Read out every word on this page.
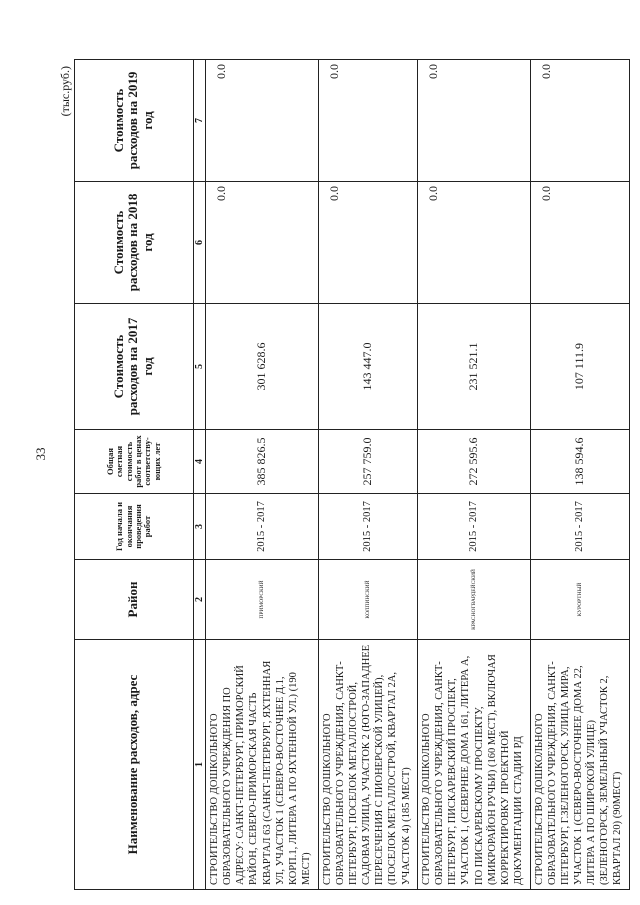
33
(тыс.руб.)
Наименование расходов, адрес	Район	Год начала и окончания проведения работ	Общая сметная стоимость работ в ценах соответству-ющих лет	Стоимость расходов на 2017 год	Стоимость расходов на 2018 год	Стоимость расходов на 2019 год
1	2	3	4	5	6	7
СТРОИТЕЛЬСТВО ДОШКОЛЬНОГО ОБРАЗОВАТЕЛЬНОГО УЧРЕЖДЕНИЯ ПО АДРЕСУ: САНКТ-ПЕТЕРБУРГ, ПРИМОРСКИЙ РАЙОН, СЕВЕРО-ПРИМОРСКАЯ ЧАСТЬ КВАРТАЛ 63 (САНКТ-ПЕТЕРБУРГ, ЯХТЕННАЯ УЛ, УЧАСТОК 1 (СЕВЕРО-ВОСТОЧНЕЕ Д.1, КОРП.1, ЛИТЕРА А ПО ЯХТЕННОЙ УЛ.) (190 МЕСТ)	ПРИМОРСКИЙ	2015 - 2017	385 826.5	301 628.6	0.0	0.0
СТРОИТЕЛЬСТВО ДОШКОЛЬНОГО ОБРАЗОВАТЕЛЬНОГО УЧРЕЖДЕНИЯ, САНКТ-ПЕТЕРБУРГ, ПОСЕЛОК МЕТАЛЛОСТРОЙ, САДОВАЯ УЛИЦА, УЧАСТОК 2 (ЮГО-ЗАПАДНЕЕ ПЕРЕСЕЧЕНИЯ С ПИОНЕРСКОЙ УЛИЦЕЙ), (ПОСЕЛОК МЕТАЛЛОСТРОЙ, КВАРТАЛ 2А, УЧАСТОК 4) (185 МЕСТ)	КОЛПИНСКИЙ	2015 - 2017	257 759.0	143 447.0	0.0	0.0
СТРОИТЕЛЬСТВО ДОШКОЛЬНОГО ОБРАЗОВАТЕЛЬНОГО УЧРЕЖДЕНИЯ, САНКТ-ПЕТЕРБУРГ, ПИСКАРЕВСКИЙ ПРОСПЕКТ, УЧАСТОК 1, (СЕВЕРНЕЕ ДОМА 161, ЛИТЕРА А, ПО ПИСКАРЕВСКОМУ ПРОСПЕКТУ, (МИКРОРАЙОН РУЧЬИ) (160 МЕСТ), ВКЛЮЧАЯ КОРРЕКТИРОВКУ ПРОЕКТНОЙ ДОКУМЕНТАЦИИ СТАДИИ РД	КРАСНОГВАРДЕЙСКИЙ	2015 - 2017	272 595.6	231 521.1	0.0	0.0
СТРОИТЕЛЬСТВО ДОШКОЛЬНОГО ОБРАЗОВАТЕЛЬНОГО УЧРЕЖДЕНИЯ, САНКТ-ПЕТЕРБУРГ, Г.ЗЕЛЕНОГОРСК, УЛИЦА МИРА, УЧАСТОК 1 (СЕВЕРО-ВОСТОЧНЕЕ ДОМА 22, ЛИТЕРА А ПО ШИРОКОЙ УЛИЦЕ) (ЗЕЛЕНОГОРСК, ЗЕМЕЛЬНЫЙ УЧАСТОК 2, КВАРТАЛ 20) (90МЕСТ)	КУРОРТНЫЙ	2015 - 2017	138 594.6	107 111.9	0.0	0.0
